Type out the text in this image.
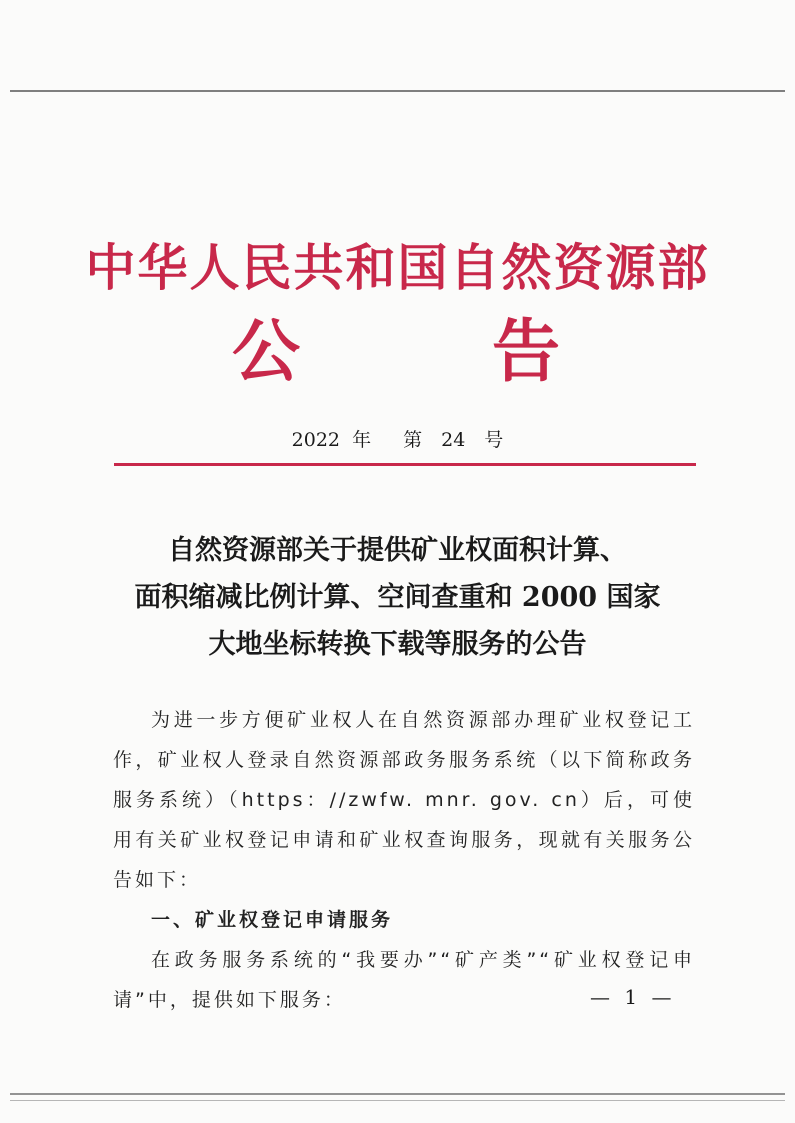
中华人民共和国自然资源部
公	告
2022 年 第　24　号
自然资源部关于提供矿业权面积计算、
面积缩减比例计算、空间查重和 2000 国家
大地坐标转换下载等服务的公告

为进一步方便矿业权人在自然资源部办理矿业权登记工作，矿业权人登录自然资源部政务服务系统（以下简称政务服务系统）（https：//zwfw. mnr. gov. cn）后，可使用有关矿业权登记申请和矿业权查询服务，现就有关服务公告如下：

一、矿业权登记申请服务

在政务服务系统的“我要办”“矿产类”“矿业权登记申请”中，提供如下服务：	— 1 —
